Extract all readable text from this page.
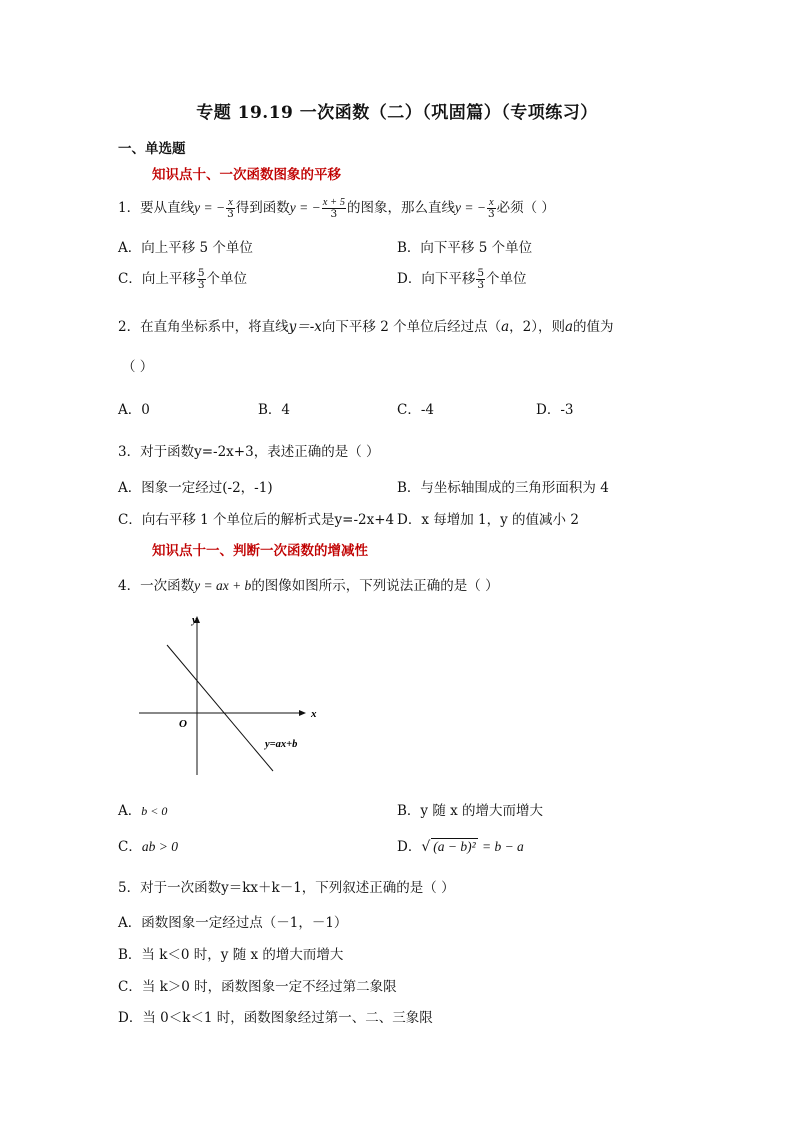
专题 19.19 一次函数（二）（巩固篇）（专项练习）
一、单选题
知识点十、一次函数图象的平移
1．要从直线y = − $\frac{x}{3}$ 得到函数y = − $\frac{x + 5}{3}$ 的图象，那么直线y = − $\frac{x}{3}$ 必须（ ）
A．向上平移 5 个单位	B．向下平移 5 个单位
C．向上平移 $\frac{5}{3}$ 个单位	D．向下平移 $\frac{5}{3}$ 个单位
2．在直角坐标系中，将直线y＝-x向下平移 2 个单位后经过点（a，2），则a的值为
（ ）
A．0	B．4	C．-4	D．-3
3．对于函数y=-2x+3，表述正确的是（ ）
A．图象一定经过(-2，-1)	B．与坐标轴围成的三角形面积为 4
C．向右平移 1 个单位后的解析式是y=-2x+4 D．x 每增加 1，y 的值减小 2
知识点十一、判断一次函数的增减性
4．一次函数y = ax + b的图像如图所示，下列说法正确的是（ ）
y
x
O
y=ax+b
A．b < 0	B．y 随 x 的增大而增大
C．ab > 0	D．√ (a − b)² = b − a
5．对于一次函数y＝kx＋k－1，下列叙述正确的是（ ）
A．函数图象一定经过点（－1，－1）
B．当 k＜0 时，y 随 x 的增大而增大
C．当 k＞0 时，函数图象一定不经过第二象限
D．当 0＜k＜1 时，函数图象经过第一、二、三象限
